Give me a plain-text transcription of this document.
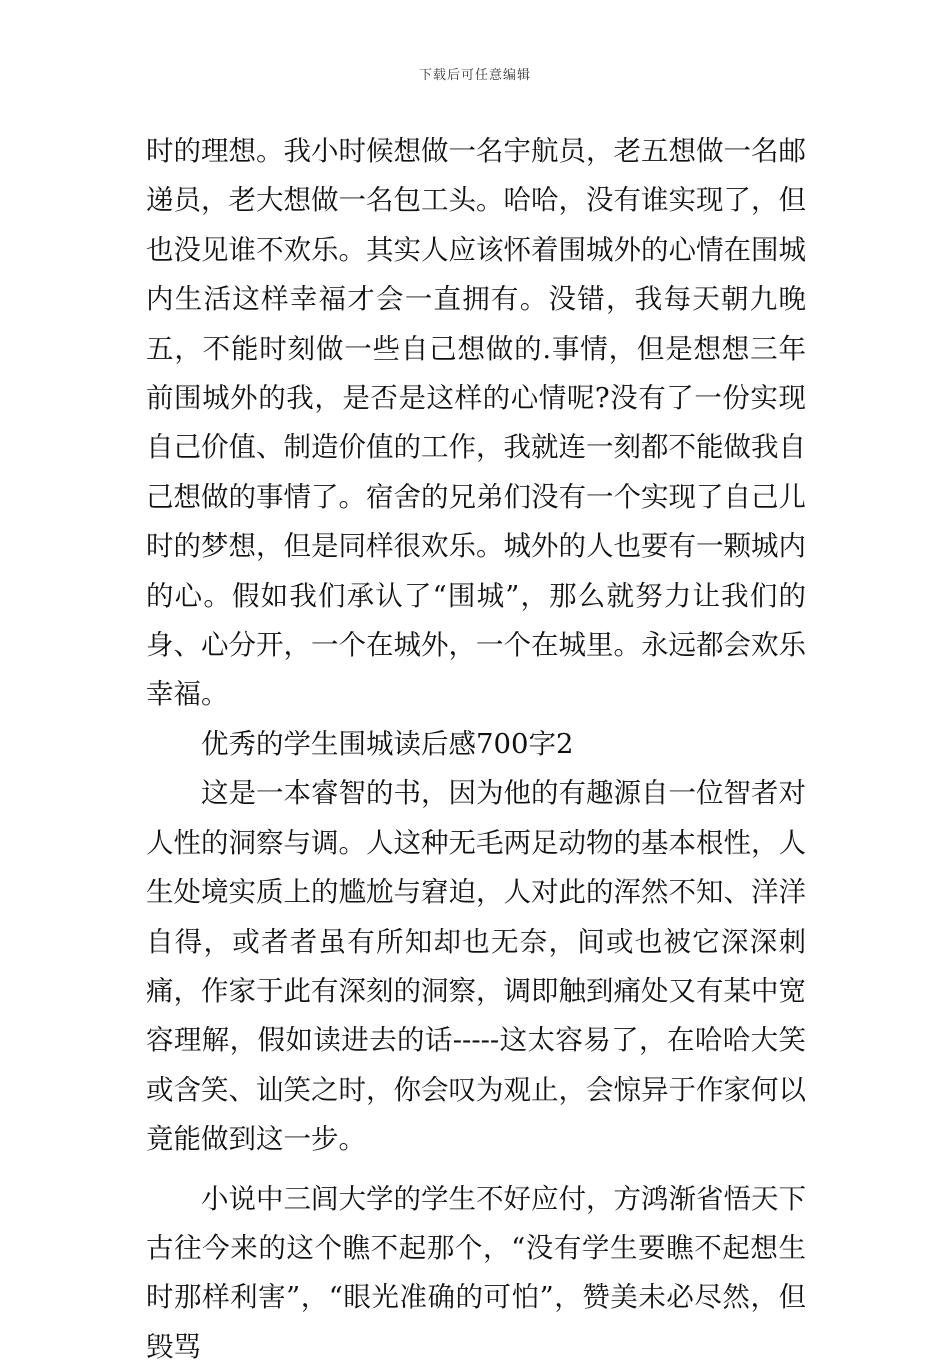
下载后可任意编辑

时的理想。我小时候想做一名宇航员，老五想做一名邮递员，老大想做一名包工头。哈哈，没有谁实现了，但也没见谁不欢乐。其实人应该怀着围城外的心情在围城内生活这样幸福才会一直拥有。没错，我每天朝九晚五，不能时刻做一些自己想做的.事情，但是想想三年前围城外的我，是否是这样的心情呢?没有了一份实现自己价值、制造价值的工作，我就连一刻都不能做我自己想做的事情了。宿舍的兄弟们没有一个实现了自己儿时的梦想，但是同样很欢乐。城外的人也要有一颗城内的心。假如我们承认了“围城”，那么就努力让我们的身、心分开，一个在城外，一个在城里。永远都会欢乐幸福。

优秀的学生围城读后感700字2

这是一本睿智的书，因为他的有趣源自一位智者对人性的洞察与调。人这种无毛两足动物的基本根性，人生处境实质上的尴尬与窘迫，人对此的浑然不知、洋洋自得，或者者虽有所知却也无奈，间或也被它深深刺痛，作家于此有深刻的洞察，调即触到痛处又有某中宽容理解，假如读进去的话-----这太容易了，在哈哈大笑或含笑、讪笑之时，你会叹为观止，会惊异于作家何以竟能做到这一步。

小说中三闾大学的学生不好应付，方鸿渐省悟天下古往今来的这个瞧不起那个，“没有学生要瞧不起想生时那样利害”，“眼光准确的可怕”，赞美未必尽然，但毁骂
